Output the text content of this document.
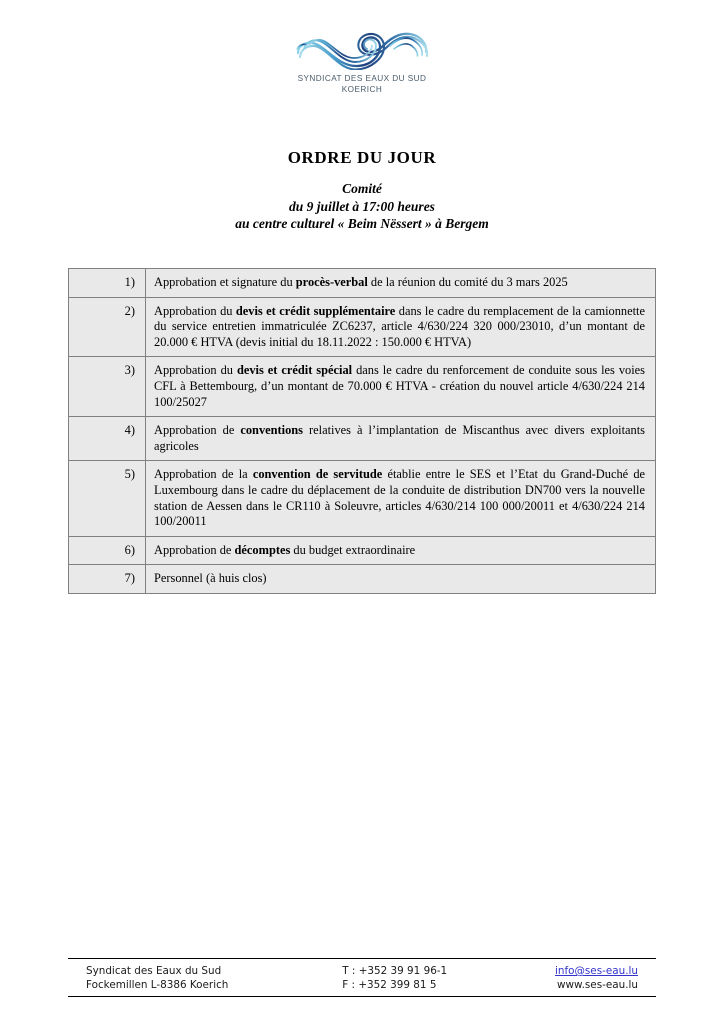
SYNDICAT DES EAUX DU SUD
KOERICH
ORDRE DU JOUR
Comité
du 9 juillet à 17:00 heures
au centre culturel « Beim Nëssert » à Bergem
1)	Approbation et signature du procès-verbal de la réunion du comité du 3 mars 2025
2)	Approbation du devis et crédit supplémentaire dans le cadre du remplacement de la camionnette du service entretien immatriculée ZC6237, article 4/630/224 320 000/23010, d’un montant de 20.000 € HTVA (devis initial du 18.11.2022 : 150.000 € HTVA)
3)	Approbation du devis et crédit spécial dans le cadre du renforcement de conduite sous les voies CFL à Bettembourg, d’un montant de 70.000 € HTVA - création du nouvel article 4/630/224 214 100/25027
4)	Approbation de conventions relatives à l’implantation de Miscanthus avec divers exploitants agricoles
5)	Approbation de la convention de servitude établie entre le SES et l’Etat du Grand-Duché de Luxembourg dans le cadre du déplacement de la conduite de distribution DN700 vers la nouvelle station de Aessen dans le CR110 à Soleuvre, articles 4/630/214 100 000/20011 et 4/630/224 214 100/20011
6)	Approbation de décomptes du budget extraordinaire
7)	Personnel (à huis clos)
Syndicat des Eaux du Sud
Fockemillen L-8386 Koerich
T : +352 39 91 96-1
F : +352 399 81 5
info@ses-eau.lu
www.ses-eau.lu
